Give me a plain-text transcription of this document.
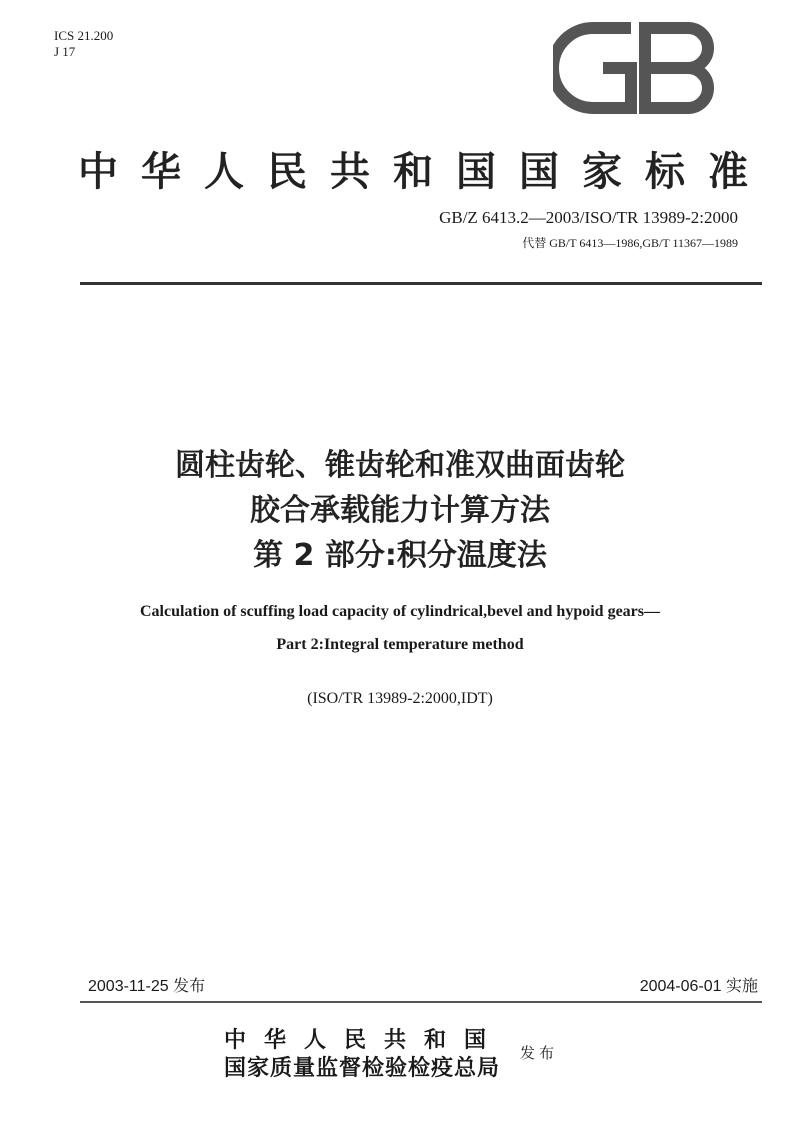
ICS 21.200
J 17
中华人民共和国国家标准
GB/Z 6413.2—2003/ISO/TR 13989-2:2000
代替 GB/T 6413—1986,GB/T 11367—1989
圆柱齿轮、锥齿轮和准双曲面齿轮
胶合承载能力计算方法
第 2 部分:积分温度法
Calculation of scuffing load capacity of cylindrical,bevel and hypoid gears—
Part 2:Integral temperature method
(ISO/TR 13989-2:2000,IDT)
2003-11-25 发布	2004-06-01 实施
中华人民共和国
国家质量监督检验检疫总局
发布
